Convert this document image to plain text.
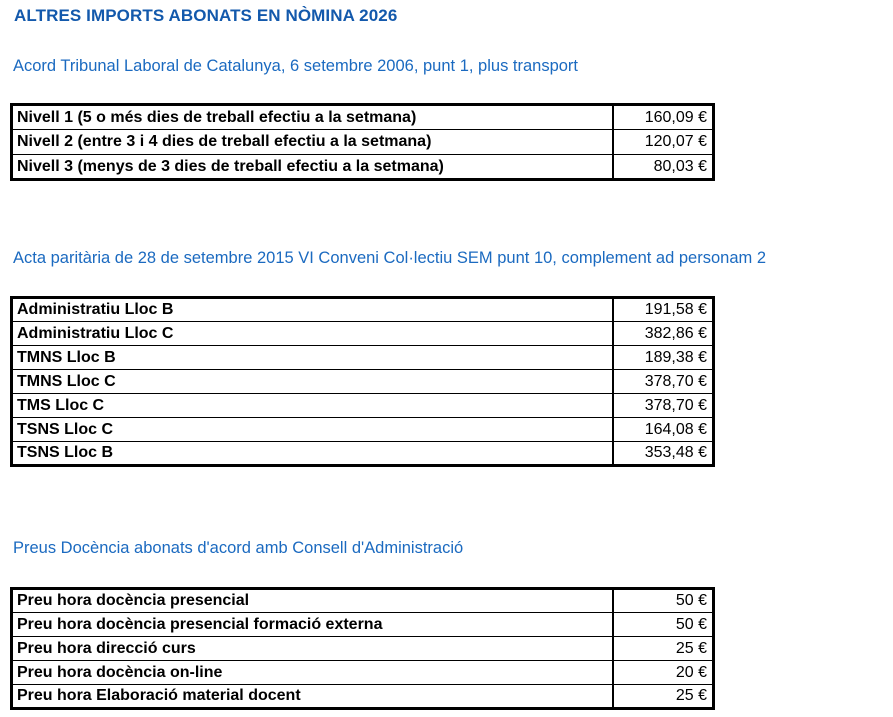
ALTRES IMPORTS ABONATS EN NÒMINA 2026
Acord Tribunal Laboral de Catalunya, 6 setembre 2006, punt 1, plus transport
Nivell 1 (5 o més dies de treball efectiu a la setmana)	160,09 €
Nivell 2 (entre 3 i 4 dies de treball efectiu a la setmana)	120,07 €
Nivell 3 (menys de 3 dies de treball efectiu a la setmana)	80,03 €
Acta paritària de 28 de setembre 2015 VI Conveni Col·lectiu SEM punt 10, complement ad personam 2
Administratiu Lloc B	191,58 €
Administratiu Lloc C	382,86 €
TMNS Lloc B	189,38 €
TMNS Lloc C	378,70 €
TMS Lloc C	378,70 €
TSNS Lloc C	164,08 €
TSNS Lloc B	353,48 €
Preus Docència abonats d'acord amb Consell d'Administració
Preu hora docència presencial	50 €
Preu hora docència presencial formació externa	50 €
Preu hora direcció curs	25 €
Preu hora docència on-line	20 €
Preu hora Elaboració material docent	25 €
